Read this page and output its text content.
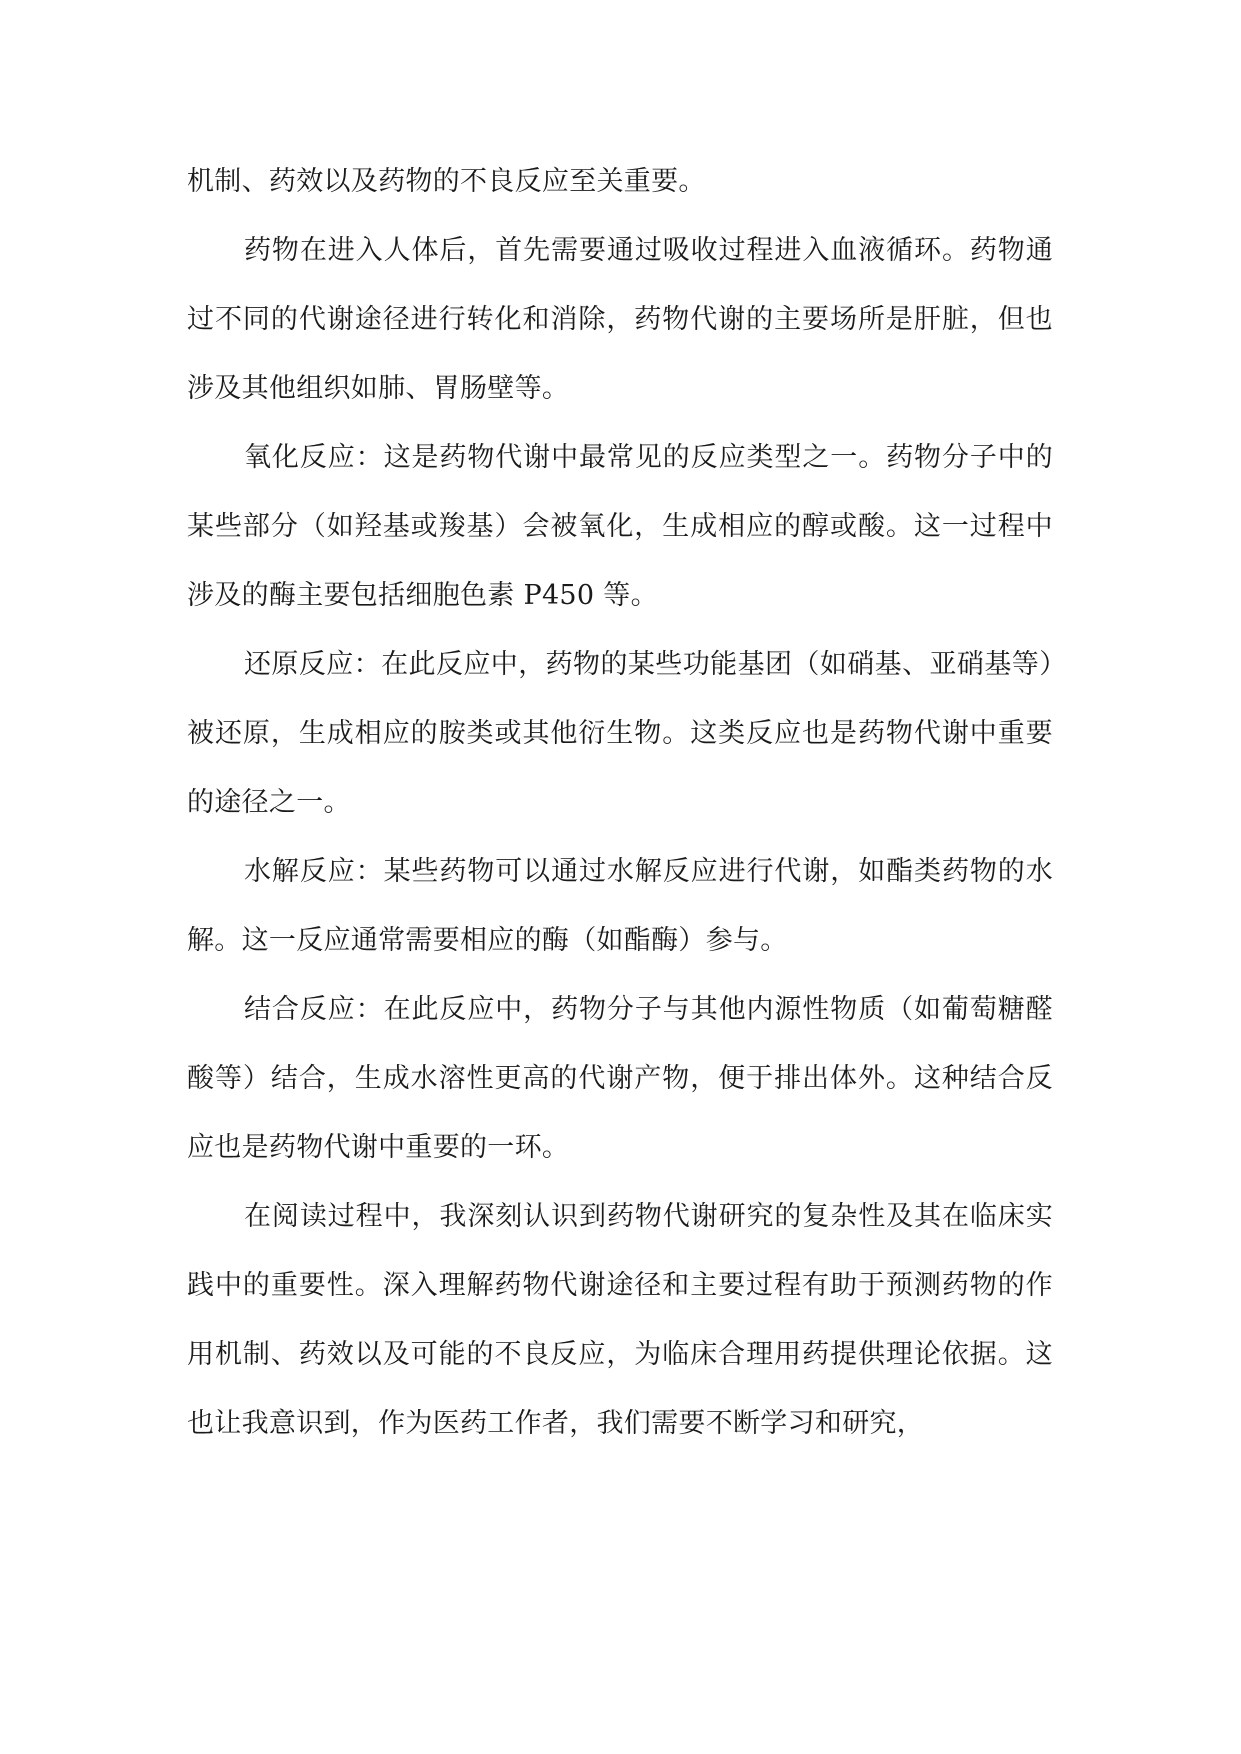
机制、药效以及药物的不良反应至关重要。

药物在进入人体后，首先需要通过吸收过程进入血液循环。药物通过不同的代谢途径进行转化和消除，药物代谢的主要场所是肝脏，但也涉及其他组织如肺、胃肠壁等。

氧化反应：这是药物代谢中最常见的反应类型之一。药物分子中的某些部分（如羟基或羧基）会被氧化，生成相应的醇或酸。这一过程中涉及的酶主要包括细胞色素 P450 等。

还原反应：在此反应中，药物的某些功能基团（如硝基、亚硝基等）被还原，生成相应的胺类或其他衍生物。这类反应也是药物代谢中重要的途径之一。

水解反应：某些药物可以通过水解反应进行代谢，如酯类药物的水解。这一反应通常需要相应的酶（如酯酶）参与。

结合反应：在此反应中，药物分子与其他内源性物质（如葡萄糖醛酸等）结合，生成水溶性更高的代谢产物，便于排出体外。这种结合反应也是药物代谢中重要的一环。

在阅读过程中，我深刻认识到药物代谢研究的复杂性及其在临床实践中的重要性。深入理解药物代谢途径和主要过程有助于预测药物的作用机制、药效以及可能的不良反应，为临床合理用药提供理论依据。这也让我意识到，作为医药工作者，我们需要不断学习和研究，
